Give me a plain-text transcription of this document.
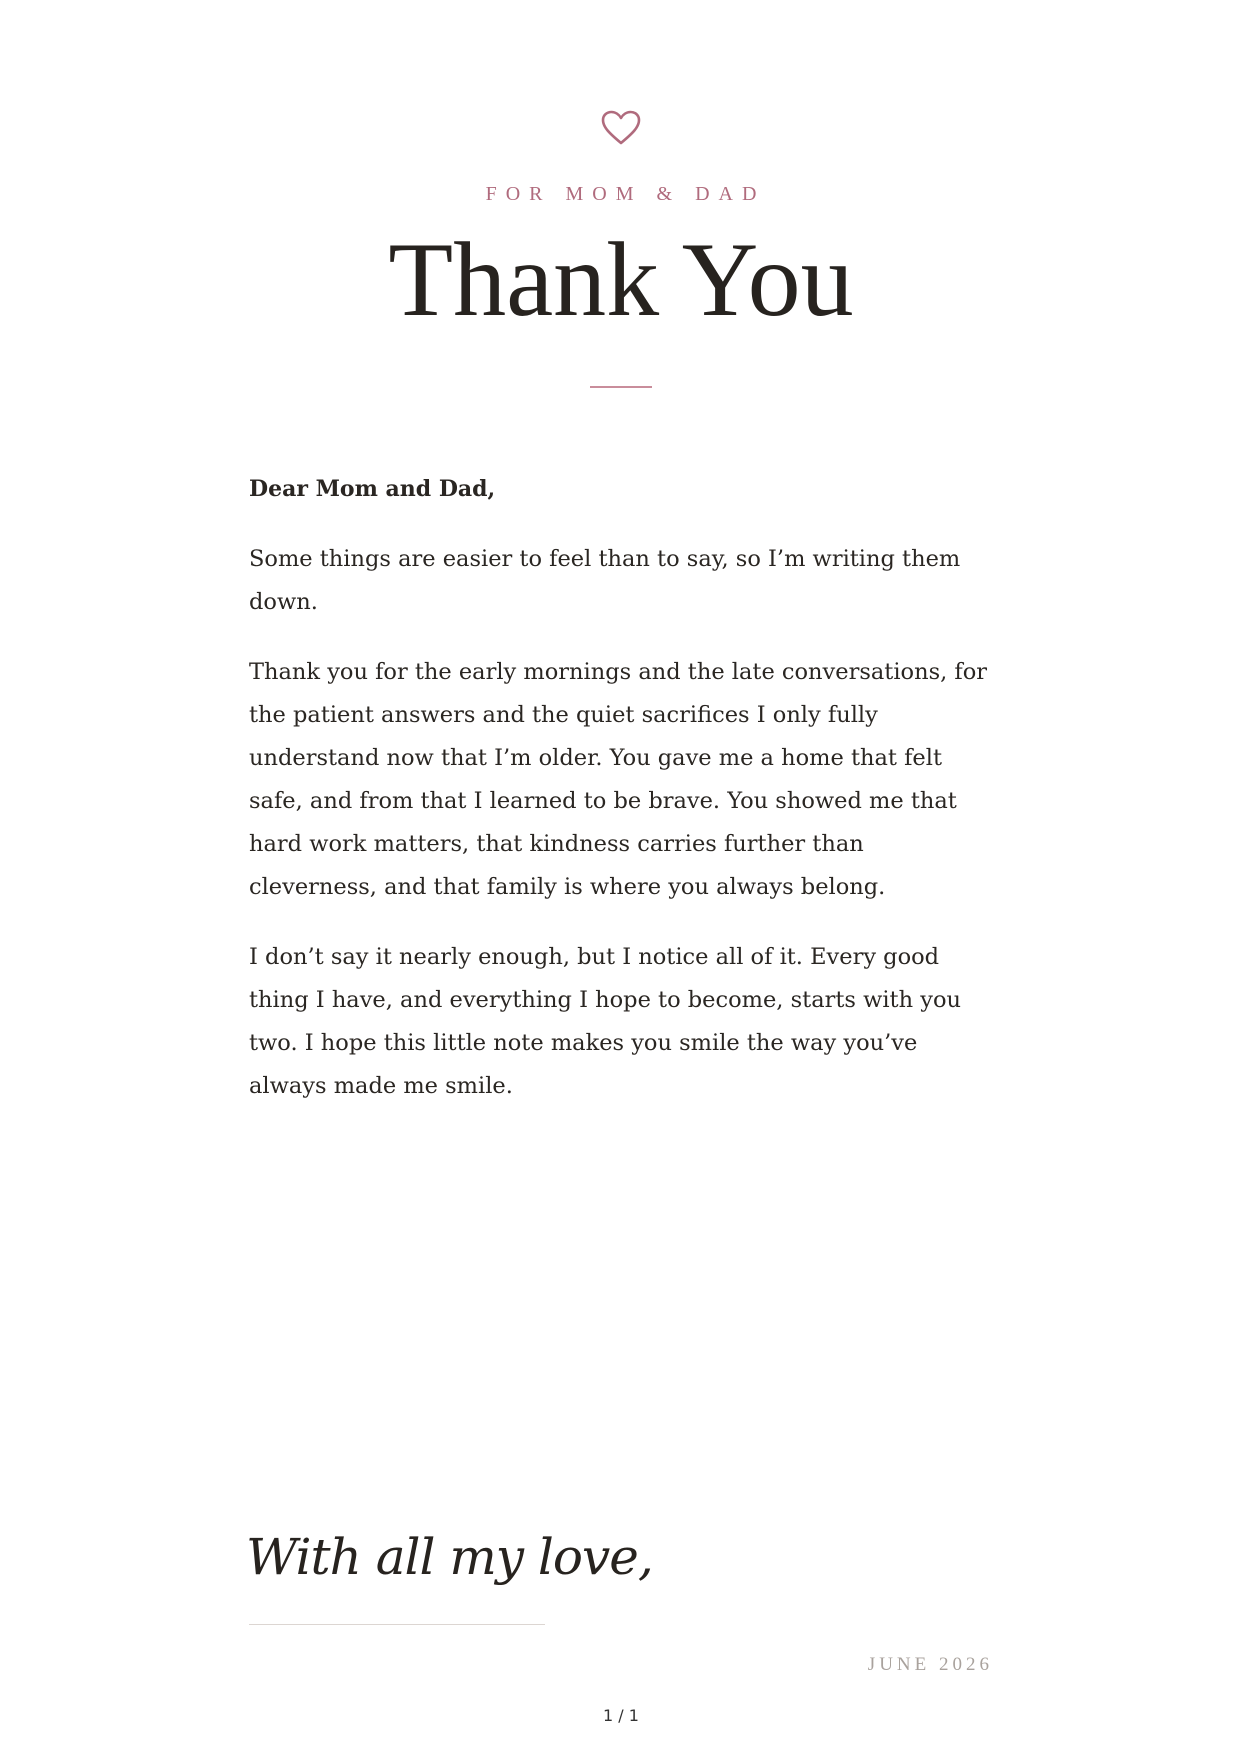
FOR MOM & DAD
Thank You

Dear Mom and Dad,

Some things are easier to feel than to say, so I’m writing them down.

Thank you for the early mornings and the late conversations, for the patient answers and the quiet sacrifices I only fully understand now that I’m older. You gave me a home that felt safe, and from that I learned to be brave. You showed me that hard work matters, that kindness carries further than cleverness, and that family is where you always belong.

I don’t say it nearly enough, but I notice all of it. Every good thing I have, and everything I hope to become, starts with you two. I hope this little note makes you smile the way you’ve always made me smile.

With all my love,
JUNE 2026
1 / 1
